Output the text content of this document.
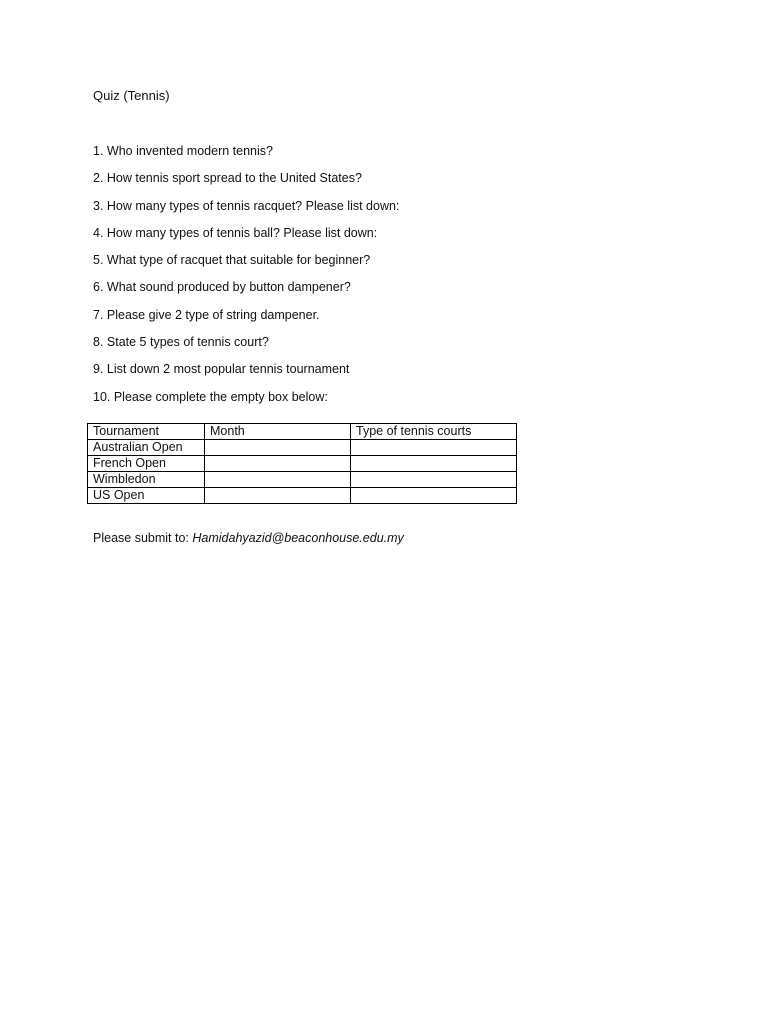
Quiz (Tennis)
1. Who invented modern tennis?
2. How tennis sport spread to the United States?
3. How many types of tennis racquet? Please list down:
4. How many types of tennis ball? Please list down:
5. What type of racquet that suitable for beginner?
6. What sound produced by button dampener?
7. Please give 2 type of string dampener.
8. State 5 types of tennis court?
9. List down 2 most popular tennis tournament
10. Please complete the empty box below:
Tournament	Month	Type of tennis courts
Australian Open		
French Open		
Wimbledon		
US Open		
Please submit to: Hamidahyazid@beaconhouse.edu.my
